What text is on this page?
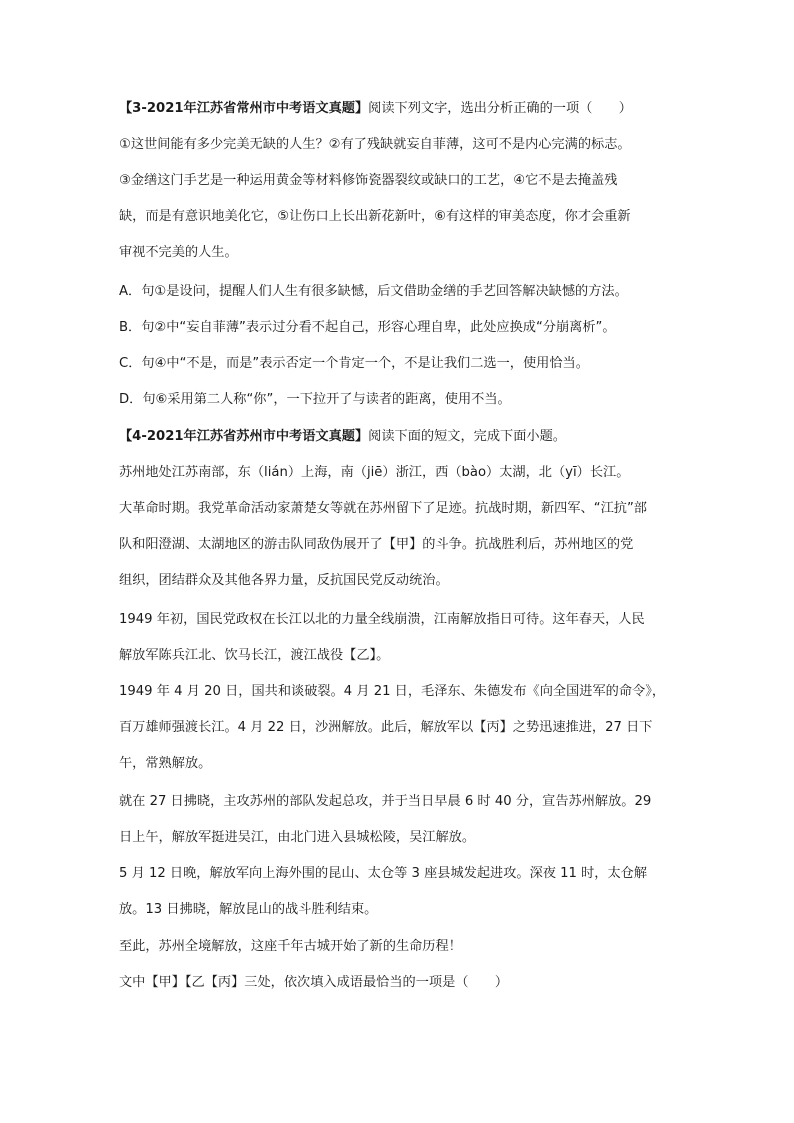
【3-2021年江苏省常州市中考语文真题】阅读下列文字，选出分析正确的一项（　　）
①这世间能有多少完美无缺的人生？②有了残缺就妄自菲薄，这可不是内心完满的标志。
③金缮这门手艺是一种运用黄金等材料修饰瓷器裂纹或缺口的工艺，④它不是去掩盖残
缺，而是有意识地美化它，⑤让伤口上长出新花新叶，⑥有这样的审美态度，你才会重新
审视不完美的人生。
A．句①是设问，提醒人们人生有很多缺憾，后文借助金缮的手艺回答解决缺憾的方法。
B．句②中“妄自菲薄”表示过分看不起自己，形容心理自卑，此处应换成“分崩离析”。
C．句④中“不是，而是”表示否定一个肯定一个，不是让我们二选一，使用恰当。
D．句⑥采用第二人称“你”，一下拉开了与读者的距离，使用不当。
【4-2021年江苏省苏州市中考语文真题】阅读下面的短文，完成下面小题。
苏州地处江苏南部，东（lián）上海，南（jiē）浙江，西（bào）太湖，北（yī）长江。
大革命时期。我党革命活动家萧楚女等就在苏州留下了足迹。抗战时期，新四军、“江抗”部
队和阳澄湖、太湖地区的游击队同敌伪展开了【甲】的斗争。抗战胜利后，苏州地区的党
组织，团结群众及其他各界力量，反抗国民党反动统治。
1949 年初，国民党政权在长江以北的力量全线崩溃，江南解放指日可待。这年春天，人民
解放军陈兵江北、饮马长江，渡江战役【乙】。
1949 年 4 月 20 日，国共和谈破裂。4 月 21 日，毛泽东、朱德发布《向全国进军的命令》，
百万雄师强渡长江。4 月 22 日，沙洲解放。此后，解放军以【丙】之势迅速推进，27 日下
午，常熟解放。
就在 27 日拂晓，主攻苏州的部队发起总攻，并于当日早晨 6 时 40 分，宣告苏州解放。29
日上午，解放军挺进吴江，由北门进入县城松陵，吴江解放。
5 月 12 日晚，解放军向上海外围的昆山、太仓等 3 座县城发起进攻。深夜 11 时，太仓解
放。13 日拂晓，解放昆山的战斗胜利结束。
至此，苏州全境解放，这座千年古城开始了新的生命历程！
文中【甲】【乙【丙】三处，依次填入成语最恰当的一项是（　　）
